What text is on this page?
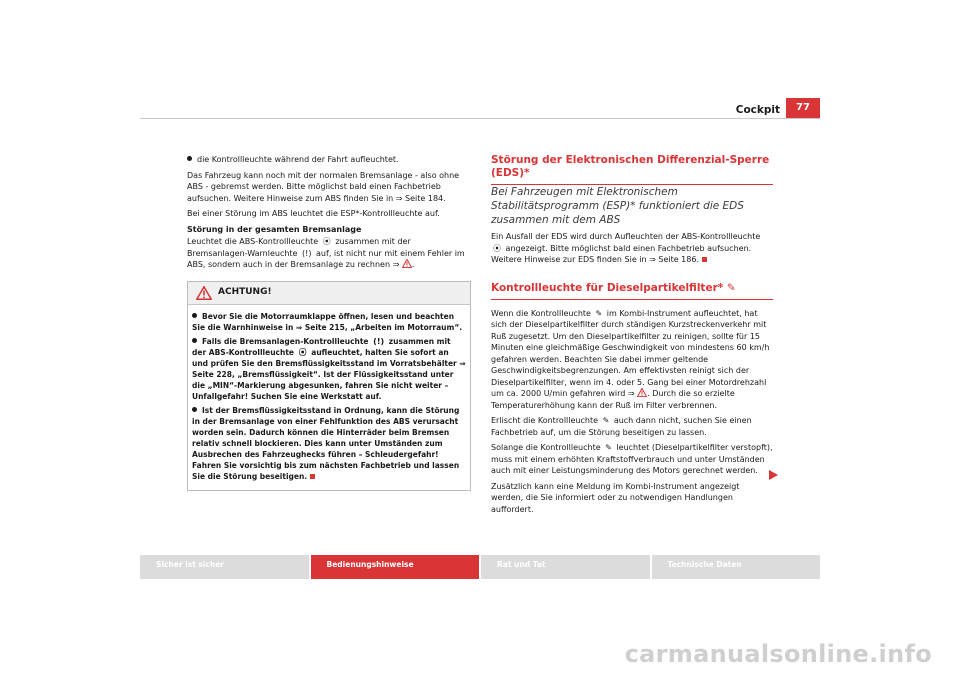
Cockpit	77

die Kontrollleuchte während der Fahrt aufleuchtet.

Das Fahrzeug kann noch mit der normalen Bremsanlage - also ohne ABS - gebremst werden. Bitte möglichst bald einen Fachbetrieb aufsuchen. Weitere Hinweise zum ABS finden Sie in ⇒ Seite 184.

Bei einer Störung im ABS leuchtet die ESP*-Kontrollleuchte auf.

Störung in der gesamten Bremsanlage

Leuchtet die ABS-Kontrollleuchte ⦿ zusammen mit der Bremsanlagen-Warnleuchte (!) auf, ist nicht nur mit einem Fehler im ABS, sondern auch in der Bremsanlage zu rechnen ⇒ .

ACHTUNG!

Bevor Sie die Motorraumklappe öffnen, lesen und beachten Sie die Warnhinweise in ⇒ Seite 215, „Arbeiten im Motorraum“.

Falls die Bremsanlagen-Kontrollleuchte (!) zusammen mit der ABS-Kontrollleuchte ⦿ aufleuchtet, halten Sie sofort an und prüfen Sie den Bremsflüssigkeitsstand im Vorratsbehälter ⇒ Seite 228, „Bremsflüssigkeit“. Ist der Flüssigkeitsstand unter die „MIN“-Markierung abgesunken, fahren Sie nicht weiter – Unfallgefahr! Suchen Sie eine Werkstatt auf.

Ist der Bremsflüssigkeitsstand in Ordnung, kann die Störung in der Bremsanlage von einer Fehlfunktion des ABS verursacht worden sein. Dadurch können die Hinterräder beim Bremsen relativ schnell blockieren. Dies kann unter Umständen zum Ausbrechen des Fahrzeughecks führen – Schleudergefahr! Fahren Sie vorsichtig bis zum nächsten Fachbetrieb und lassen Sie die Störung beseitigen.

Störung der Elektronischen Differenzial-Sperre (EDS)*

Bei Fahrzeugen mit Elektronischem Stabilitätsprogramm (ESP)* funktioniert die EDS zusammen mit dem ABS

Ein Ausfall der EDS wird durch Aufleuchten der ABS-Kontrollleuchte ⦿ angezeigt. Bitte möglichst bald einen Fachbetrieb aufsuchen. Weitere Hinweise zur EDS finden Sie in ⇒ Seite 186.

Kontrollleuchte für Dieselpartikelfilter* ✎

Wenn die Kontrollleuchte ✎ im Kombi-Instrument aufleuchtet, hat sich der Dieselpartikelfilter durch ständigen Kurzstreckenverkehr mit Ruß zugesetzt. Um den Dieselpartikelfilter zu reinigen, sollte für 15 Minuten eine gleichmäßige Geschwindigkeit von mindestens 60 km/h gefahren werden. Beachten Sie dabei immer geltende Geschwindigkeitsbegrenzungen. Am effektivsten reinigt sich der Dieselpartikelfilter, wenn im 4. oder 5. Gang bei einer Motordrehzahl um ca. 2000 U/min gefahren wird ⇒ . Durch die so erzielte Temperaturerhöhung kann der Ruß im Filter verbrennen.

Erlischt die Kontrollleuchte ✎ auch dann nicht, suchen Sie einen Fachbetrieb auf, um die Störung beseitigen zu lassen.

Solange die Kontrollleuchte ✎ leuchtet (Dieselpartikelfilter verstopft), muss mit einem erhöhten Kraftstoffverbrauch und unter Umständen auch mit einer Leistungsminderung des Motors gerechnet werden.

Zusätzlich kann eine Meldung im Kombi-Instrument angezeigt werden, die Sie informiert oder zu notwendigen Handlungen auffordert.

Sicher ist sicher	Bedienungshinweise	Rat und Tat	Technische Daten
carmanualsonline.info
